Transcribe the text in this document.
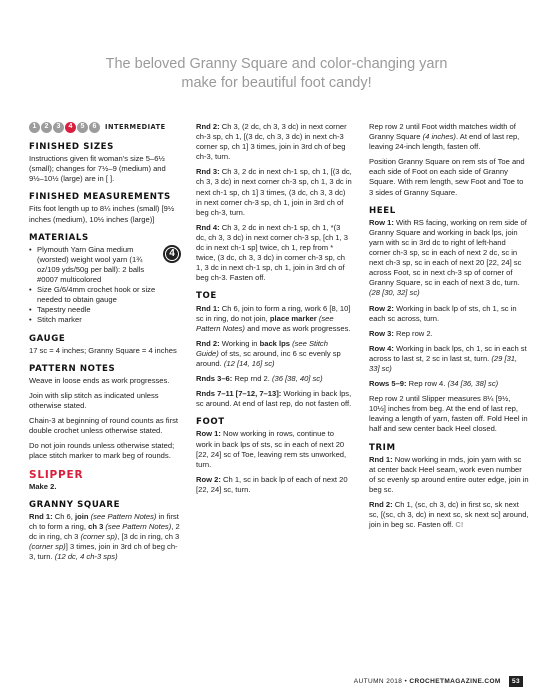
The beloved Granny Square and color-changing yarn
make for beautiful foot candy!
1	2	3	4	5	6	INTERMEDIATE
FINISHED SIZES

Instructions given fit woman’s size 5–6½ (small); changes for 7½–9 (medium) and 9½–10½ (large) are in [ ].

FINISHED MEASUREMENTS

Fits foot length up to 8¼ inches (small) [9½ inches (medium), 10½ inches (large)]

MATERIALS
4
• Plymouth Yarn Gina medium (worsted) weight wool yarn (1¾ oz/109 yds/50g per ball): 2 balls #0007 multicolored
• Size G/6/4mm crochet hook or size needed to obtain gauge
• Tapestry needle
• Stitch marker
GAUGE

17 sc = 4 inches; Granny Square = 4 inches

PATTERN NOTES

Weave in loose ends as work progresses.

Join with slip stitch as indicated unless otherwise stated.

Chain-3 at beginning of round counts as first double crochet unless otherwise stated.

Do not join rounds unless otherwise stated; place stitch marker to mark beg of rounds.

SLIPPER

Make 2.

GRANNY SQUARE

Rnd 1: Ch 6, join (see Pattern Notes) in first ch to form a ring, ch 3 (see Pattern Notes), 2 dc in ring, ch 3 (corner sp), [3 dc in ring, ch 3 (corner sp)] 3 times, join in 3rd ch of beg ch-3, turn. (12 dc, 4 ch-3 sps)

Rnd 2: Ch 3, (2 dc, ch 3, 3 dc) in next corner ch-3 sp, ch 1, [(3 dc, ch 3, 3 dc) in next ch-3 corner sp, ch 1] 3 times, join in 3rd ch of beg ch-3, turn.

Rnd 3: Ch 3, 2 dc in next ch-1 sp, ch 1, [(3 dc, ch 3, 3 dc) in next corner ch-3 sp, ch 1, 3 dc in next ch-1 sp, ch 1] 3 times, (3 dc, ch 3, 3 dc) in next corner ch-3 sp, ch 1, join in 3rd ch of beg ch-3, turn.

Rnd 4: Ch 3, 2 dc in next ch-1 sp, ch 1, *(3 dc, ch 3, 3 dc) in next corner ch-3 sp, [ch 1, 3 dc in next ch-1 sp] twice, ch 1, rep from * twice, (3 dc, ch 3, 3 dc) in corner ch-3 sp, ch 1, 3 dc in next ch-1 sp, ch 1, join in 3rd ch of beg ch-3. Fasten off.

TOE

Rnd 1: Ch 6, join to form a ring, work 6 [8, 10] sc in ring, do not join, place marker (see Pattern Notes) and move as work progresses.

Rnd 2: Working in back lps (see Stitch Guide) of sts, sc around, inc 6 sc evenly sp around. (12 [14, 16] sc)

Rnds 3–6: Rep rnd 2. (36 [38, 40] sc)

Rnds 7–11 [7–12, 7–13]: Working in back lps, sc around. At end of last rep, do not fasten off.

FOOT

Row 1: Now working in rows, continue to work in back lps of sts, sc in each of next 20 [22, 24] sc of Toe, leaving rem sts unworked, turn.

Row 2: Ch 1, sc in back lp of each of next 20 [22, 24] sc, turn.

Rep row 2 until Foot width matches width of Granny Square (4 inches). At end of last rep, leaving 24-inch length, fasten off.

Position Granny Square on rem sts of Toe and each side of Foot on each side of Granny Square. With rem length, sew Foot and Toe to 3 sides of Granny Square.

HEEL

Row 1: With RS facing, working on rem side of Granny Square and working in back lps, join yarn with sc in 3rd dc to right of left-hand corner ch-3 sp, sc in each of next 2 dc, sc in next ch-3 sp, sc in each of next 20 [22, 24] sc across Foot, sc in next ch-3 sp of corner of Granny Square, sc in each of next 3 dc, turn. (28 [30, 32] sc)

Row 2: Working in back lp of sts, ch 1, sc in each sc across, turn.

Row 3: Rep row 2.

Row 4: Working in back lps, ch 1, sc in each st across to last st, 2 sc in last st, turn. (29 [31, 33] sc)

Rows 5–9: Rep row 4. (34 [36, 38] sc)

Rep row 2 until Slipper measures 8¼ [9½, 10½] inches from beg. At the end of last rep, leaving a length of yarn, fasten off. Fold Heel in half and sew center back Heel closed.

TRIM

Rnd 1: Now working in rnds, join yarn with sc at center back Heel seam, work even number of sc evenly sp around entire outer edge, join in beg sc.

Rnd 2: Ch 1, (sc, ch 3, dc) in first sc, sk next sc, [(sc, ch 3, dc) in next sc, sk next sc] around, join in beg sc. Fasten off. C!

AUTUMN 2018 • CROCHETMAGAZINE.COM 53
